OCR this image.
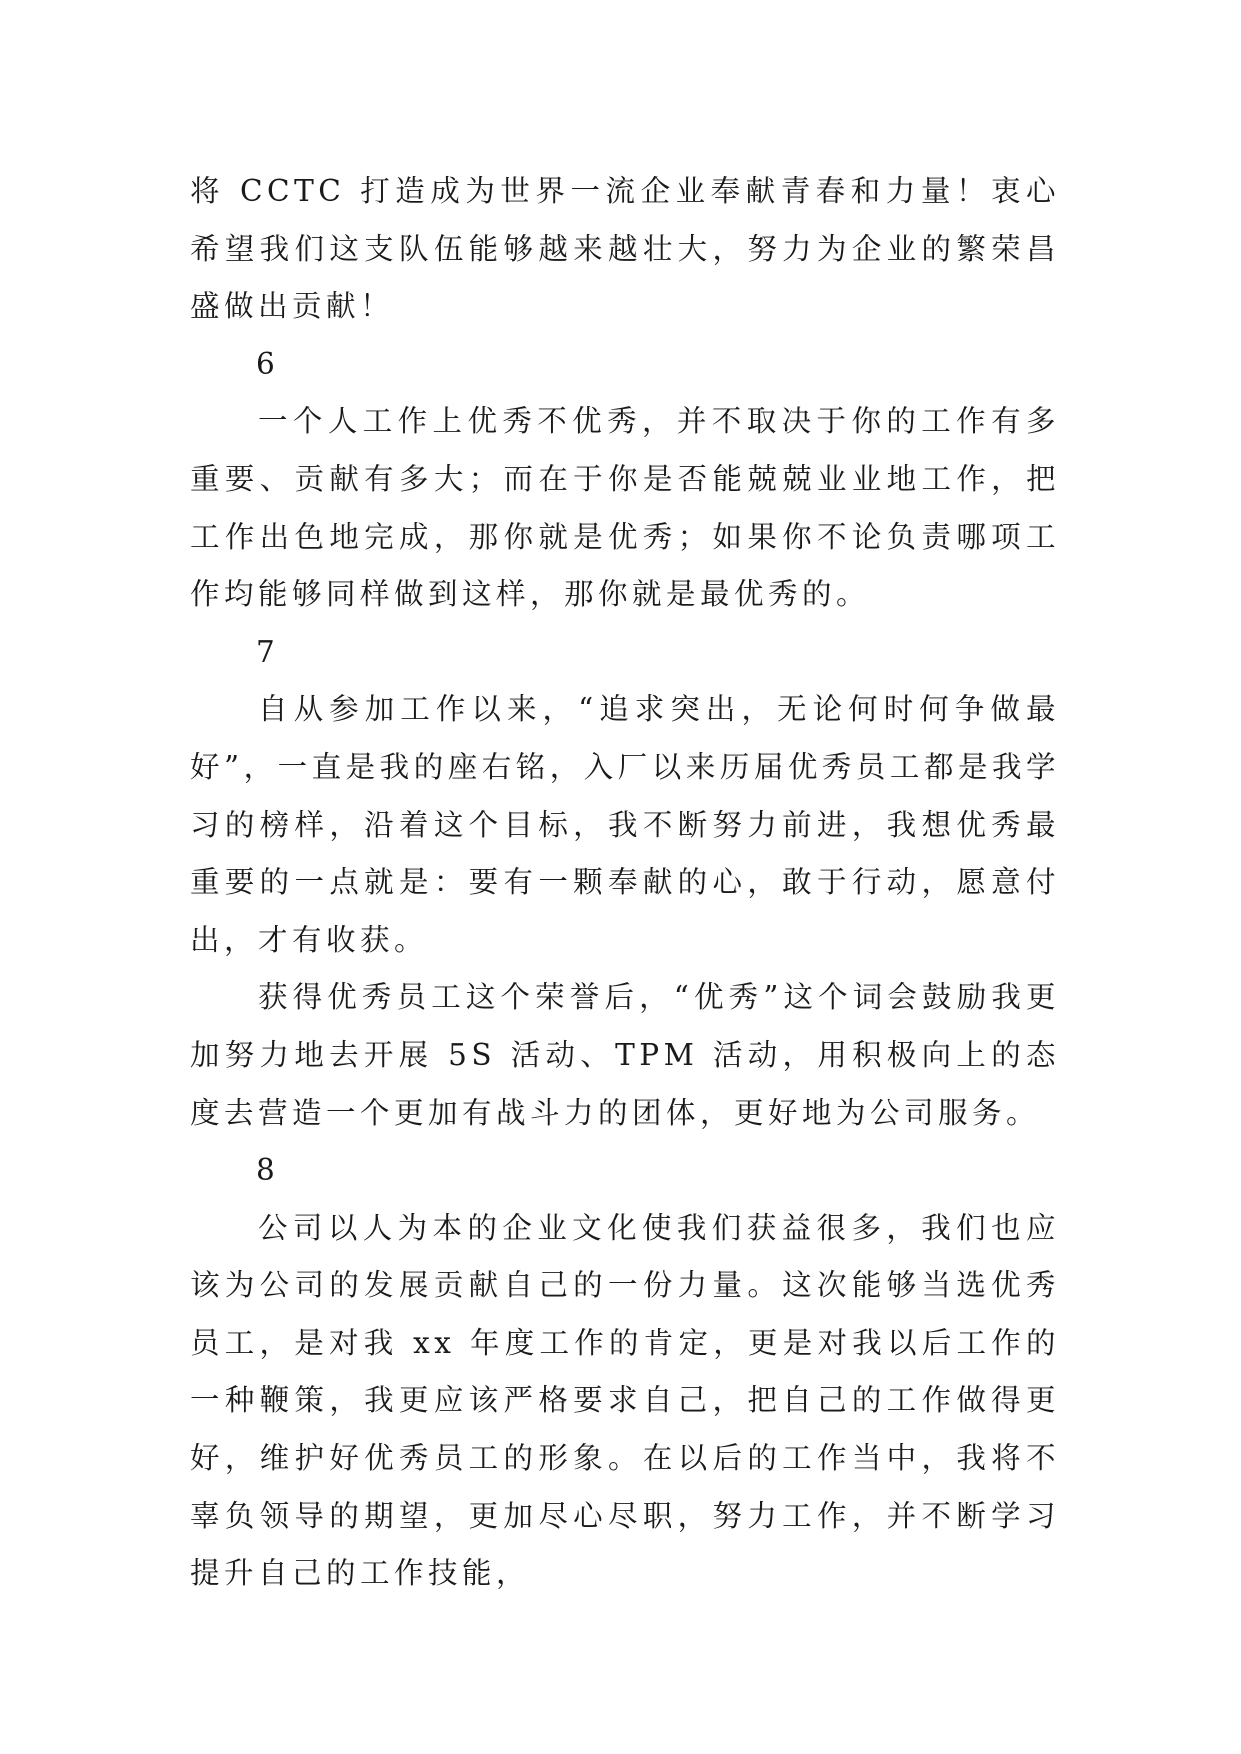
将 CCTC 打造成为世界一流企业奉献青春和力量！衷心希望我们这支队伍能够越来越壮大，努力为企业的繁荣昌盛做出贡献！

6

一个人工作上优秀不优秀，并不取决于你的工作有多重要、贡献有多大；而在于你是否能兢兢业业地工作，把工作出色地完成，那你就是优秀；如果你不论负责哪项工作均能够同样做到这样，那你就是最优秀的。

7

自从参加工作以来，“追求突出，无论何时何争做最好”，一直是我的座右铭，入厂以来历届优秀员工都是我学习的榜样，沿着这个目标，我不断努力前进，我想优秀最重要的一点就是：要有一颗奉献的心，敢于行动，愿意付出，才有收获。

获得优秀员工这个荣誉后，“优秀”这个词会鼓励我更加努力地去开展 5S 活动、TPM 活动，用积极向上的态度去营造一个更加有战斗力的团体，更好地为公司服务。

8

公司以人为本的企业文化使我们获益很多，我们也应该为公司的发展贡献自己的一份力量。这次能够当选优秀员工，是对我 xx 年度工作的肯定，更是对我以后工作的一种鞭策，我更应该严格要求自己，把自己的工作做得更好，维护好优秀员工的形象。在以后的工作当中，我将不辜负领导的期望，更加尽心尽职，努力工作，并不断学习提升自己的工作技能，
